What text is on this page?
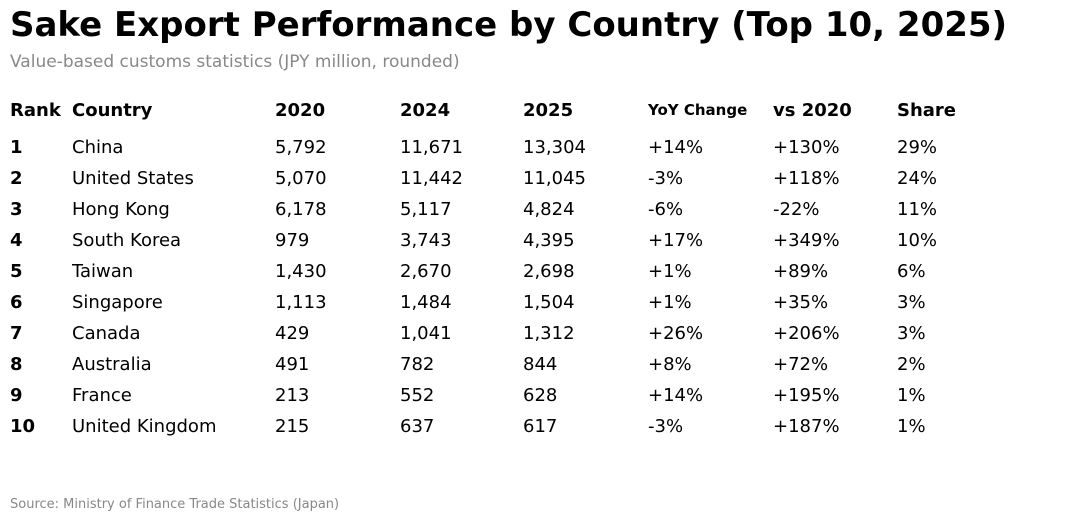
Sake Export Performance by Country (Top 10, 2025)
Value-based customs statistics (JPY million, rounded)
Rank	Country	2020	2024	2025	YoY Change	vs 2020	Share
1	China	5,792	11,671	13,304	+14%	+130%	29%
2	United States	5,070	11,442	11,045	-3%	+118%	24%
3	Hong Kong	6,178	5,117	4,824	-6%	-22%	11%
4	South Korea	979	3,743	4,395	+17%	+349%	10%
5	Taiwan	1,430	2,670	2,698	+1%	+89%	6%
6	Singapore	1,113	1,484	1,504	+1%	+35%	3%
7	Canada	429	1,041	1,312	+26%	+206%	3%
8	Australia	491	782	844	+8%	+72%	2%
9	France	213	552	628	+14%	+195%	1%
10	United Kingdom	215	637	617	-3%	+187%	1%
Source: Ministry of Finance Trade Statistics (Japan)
